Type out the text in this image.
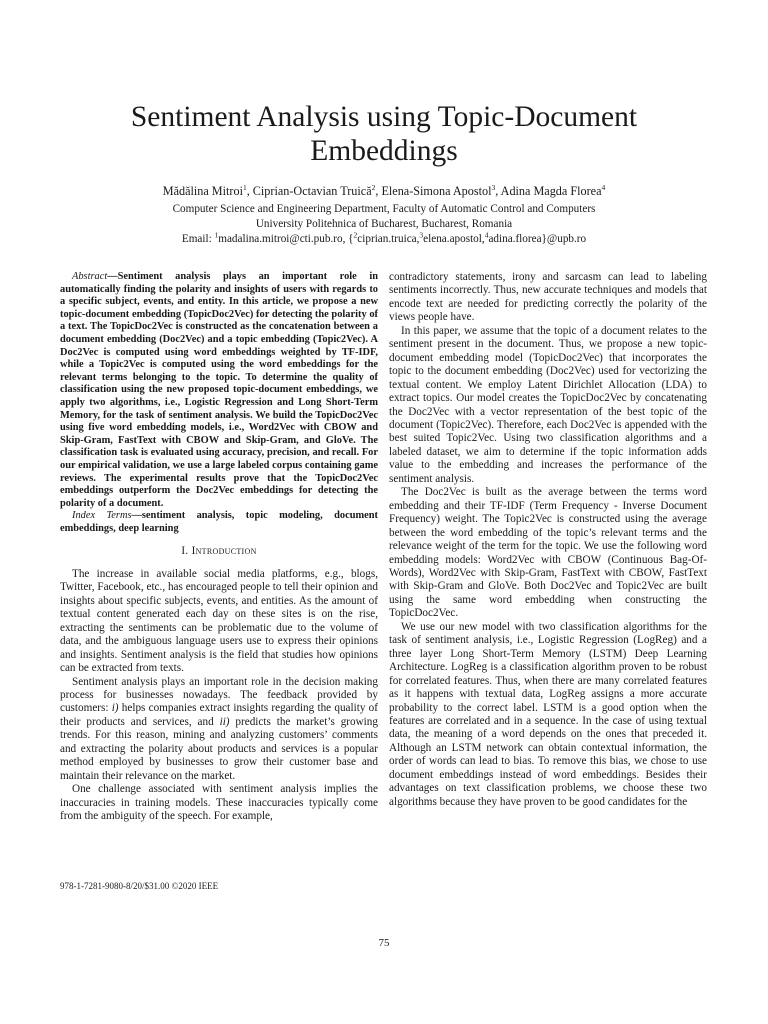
Sentiment Analysis using Topic-Document Embeddings
Mădălina Mitroi$^1$, Ciprian-Octavian Truică$^2$, Elena-Simona Apostol$^3$, Adina Magda Florea$^4$
Computer Science and Engineering Department, Faculty of Automatic Control and Computers
University Politehnica of Bucharest, Bucharest, Romania
Email: $^1$madalina.mitroi@cti.pub.ro, {$^2$ciprian.truica,$^3$elena.apostol,$^4$adina.florea}@upb.ro

Abstract—Sentiment analysis plays an important role in automatically finding the polarity and insights of users with regards to a specific subject, events, and entity. In this article, we propose a new topic-document embedding (TopicDoc2Vec) for detecting the polarity of a text. The TopicDoc2Vec is constructed as the concatenation between a document embedding (Doc2Vec) and a topic embedding (Topic2Vec). A Doc2Vec is computed using word embeddings weighted by TF-IDF, while a Topic2Vec is computed using the word embeddings for the relevant terms belonging to the topic. To determine the quality of classification using the new proposed topic-document embeddings, we apply two algorithms, i.e., Logistic Regression and Long Short-Term Memory, for the task of sentiment analysis. We build the TopicDoc2Vec using five word embedding models, i.e., Word2Vec with CBOW and Skip-Gram, FastText with CBOW and Skip-Gram, and GloVe. The classification task is evaluated using accuracy, precision, and recall. For our empirical validation, we use a large labeled corpus containing game reviews. The experimental results prove that the TopicDoc2Vec embeddings outperform the Doc2Vec embeddings for detecting the polarity of a document.

Index Terms—sentiment analysis, topic modeling, document embeddings, deep learning

I. Introduction

The increase in available social media platforms, e.g., blogs, Twitter, Facebook, etc., has encouraged people to tell their opinion and insights about specific subjects, events, and entities. As the amount of textual content generated each day on these sites is on the rise, extracting the sentiments can be problematic due to the volume of data, and the ambiguous language users use to express their opinions and insights. Sentiment analysis is the field that studies how opinions can be extracted from texts.

Sentiment analysis plays an important role in the decision making process for businesses nowadays. The feedback provided by customers: i) helps companies extract insights regarding the quality of their products and services, and ii) predicts the market’s growing trends. For this reason, mining and analyzing customers’ comments and extracting the polarity about products and services is a popular method employed by businesses to grow their customer base and maintain their relevance on the market.

One challenge associated with sentiment analysis implies the inaccuracies in training models. These inaccuracies typically come from the ambiguity of the speech. For example,

978-1-7281-9080-8/20/$31.00 ©2020 IEEE

contradictory statements, irony and sarcasm can lead to labeling sentiments incorrectly. Thus, new accurate techniques and models that encode text are needed for predicting correctly the polarity of the views people have.

In this paper, we assume that the topic of a document relates to the sentiment present in the document. Thus, we propose a new topic-document embedding model (TopicDoc2Vec) that incorporates the topic to the document embedding (Doc2Vec) used for vectorizing the textual content. We employ Latent Dirichlet Allocation (LDA) to extract topics. Our model creates the TopicDoc2Vec by concatenating the Doc2Vec with a vector representation of the best topic of the document (Topic2Vec). Therefore, each Doc2Vec is appended with the best suited Topic2Vec. Using two classification algorithms and a labeled dataset, we aim to determine if the topic information adds value to the embedding and increases the performance of the sentiment analysis.

The Doc2Vec is built as the average between the terms word embedding and their TF-IDF (Term Frequency - Inverse Document Frequency) weight. The Topic2Vec is constructed using the average between the word embedding of the topic’s relevant terms and the relevance weight of the term for the topic. We use the following word embedding models: Word2Vec with CBOW (Continuous Bag-Of-Words), Word2Vec with Skip-Gram, FastText with CBOW, FastText with Skip-Gram and GloVe. Both Doc2Vec and Topic2Vec are built using the same word embedding when constructing the TopicDoc2Vec.

We use our new model with two classification algorithms for the task of sentiment analysis, i.e., Logistic Regression (LogReg) and a three layer Long Short-Term Memory (LSTM) Deep Learning Architecture. LogReg is a classification algorithm proven to be robust for correlated features. Thus, when there are many correlated features as it happens with textual data, LogReg assigns a more accurate probability to the correct label. LSTM is a good option when the features are correlated and in a sequence. In the case of using textual data, the meaning of a word depends on the ones that preceded it. Although an LSTM network can obtain contextual information, the order of words can lead to bias. To remove this bias, we chose to use document embeddings instead of word embeddings. Besides their advantages on text classification problems, we choose these two algorithms because they have proven to be good candidates for the

75
